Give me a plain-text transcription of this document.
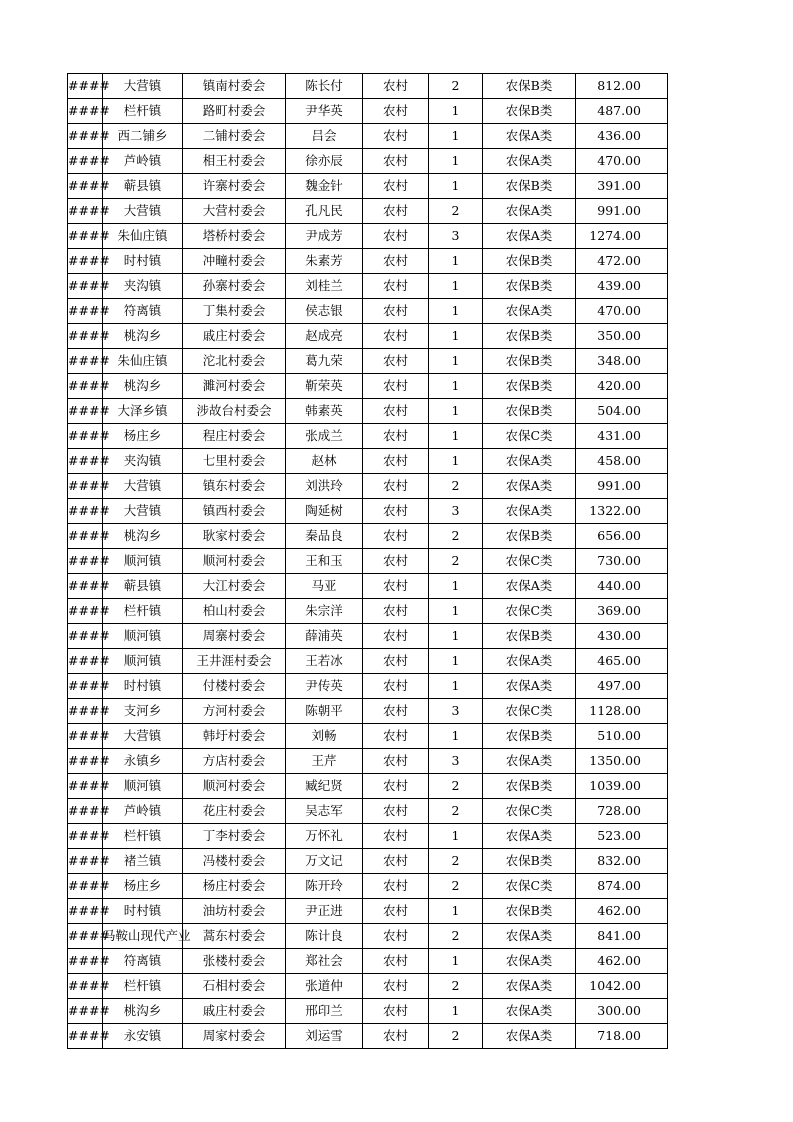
####	大营镇	镇南村委会	陈长付	农村	2	农保B类	812.00
####	栏杆镇	路町村委会	尹华英	农村	1	农保B类	487.00
####	西二铺乡	二铺村委会	吕会	农村	1	农保A类	436.00
####	芦岭镇	相王村委会	徐亦辰	农村	1	农保A类	470.00
####	蕲县镇	许寨村委会	魏金针	农村	1	农保B类	391.00
####	大营镇	大营村委会	孔凡民	农村	2	农保A类	991.00
####	朱仙庄镇	塔桥村委会	尹成芳	农村	3	农保A类	1274.00
####	时村镇	冲疃村委会	朱素芳	农村	1	农保B类	472.00
####	夹沟镇	孙寨村委会	刘桂兰	农村	1	农保B类	439.00
####	符离镇	丁集村委会	侯志银	农村	1	农保A类	470.00
####	桃沟乡	戚庄村委会	赵成亮	农村	1	农保B类	350.00
####	朱仙庄镇	沱北村委会	葛九荣	农村	1	农保B类	348.00
####	桃沟乡	濉河村委会	靳荣英	农村	1	农保B类	420.00
####	大泽乡镇	涉故台村委会	韩素英	农村	1	农保B类	504.00
####	杨庄乡	程庄村委会	张成兰	农村	1	农保C类	431.00
####	夹沟镇	七里村委会	赵林	农村	1	农保A类	458.00
####	大营镇	镇东村委会	刘洪玲	农村	2	农保A类	991.00
####	大营镇	镇西村委会	陶延树	农村	3	农保A类	1322.00
####	桃沟乡	耿家村委会	秦品良	农村	2	农保B类	656.00
####	顺河镇	顺河村委会	王和玉	农村	2	农保C类	730.00
####	蕲县镇	大江村委会	马亚	农村	1	农保A类	440.00
####	栏杆镇	柏山村委会	朱宗洋	农村	1	农保C类	369.00
####	顺河镇	周寨村委会	薛浦英	农村	1	农保B类	430.00
####	顺河镇	王井涯村委会	王若冰	农村	1	农保A类	465.00
####	时村镇	付楼村委会	尹传英	农村	1	农保A类	497.00
####	支河乡	方河村委会	陈朝平	农村	3	农保C类	1128.00
####	大营镇	韩圩村委会	刘畅	农村	1	农保B类	510.00
####	永镇乡	方店村委会	王芹	农村	3	农保A类	1350.00
####	顺河镇	顺河村委会	臧纪贤	农村	2	农保B类	1039.00
####	芦岭镇	花庄村委会	吴志军	农村	2	农保C类	728.00
####	栏杆镇	丁李村委会	万怀礼	农村	1	农保A类	523.00
####	褚兰镇	冯楼村委会	万文记	农村	2	农保B类	832.00
####	杨庄乡	杨庄村委会	陈开玲	农村	2	农保C类	874.00
####	时村镇	油坊村委会	尹正进	农村	1	农保B类	462.00
####	马鞍山现代产业	蒿东村委会	陈计良	农村	2	农保A类	841.00
####	符离镇	张楼村委会	郑社会	农村	1	农保A类	462.00
####	栏杆镇	石相村委会	张道仲	农村	2	农保A类	1042.00
####	桃沟乡	戚庄村委会	邢印兰	农村	1	农保A类	300.00
####	永安镇	周家村委会	刘运雪	农村	2	农保A类	718.00
